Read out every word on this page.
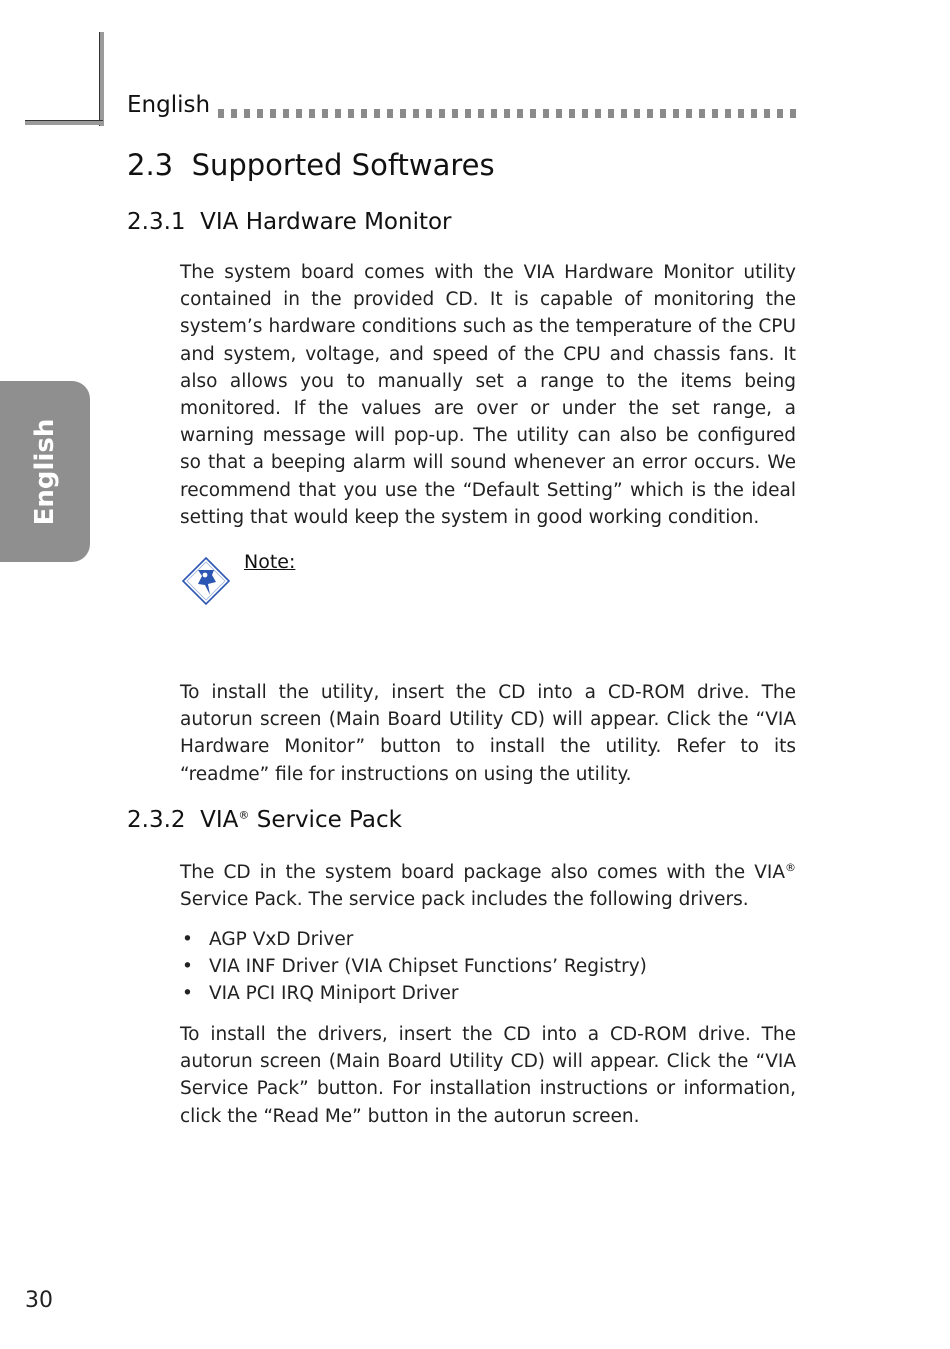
English
English
2.3 Supported Softwares
2.3.1 VIA Hardware Monitor

The system board comes with the VIA Hardware Monitor utility contained in the provided CD. It is capable of monitoring the system’s hardware conditions such as the temperature of the CPU and system, voltage, and speed of the CPU and chassis fans. It also allows you to manually set a range to the items being monitored. If the values are over or under the set range, a warning message will pop-up. The utility can also be configured so that a beeping alarm will sound whenever an error occurs. We recommend that you use the “Default Setting” which is the ideal setting that would keep the system in good working condition.

Note:

To install the utility, insert the CD into a CD-ROM drive. The autorun screen (Main Board Utility CD) will appear. Click the “VIA Hardware Monitor” button to install the utility. Refer to its “readme” file for instructions on using the utility.

2.3.2 VIA® Service Pack

The CD in the system board package also comes with the VIA® Service Pack. The service pack includes the following drivers.

• AGP VxD Driver
• VIA INF Driver (VIA Chipset Functions’ Registry)
• VIA PCI IRQ Miniport Driver

To install the drivers, insert the CD into a CD-ROM drive. The autorun screen (Main Board Utility CD) will appear. Click the “VIA Service Pack” button. For installation instructions or information, click the “Read Me” button in the autorun screen.

30
